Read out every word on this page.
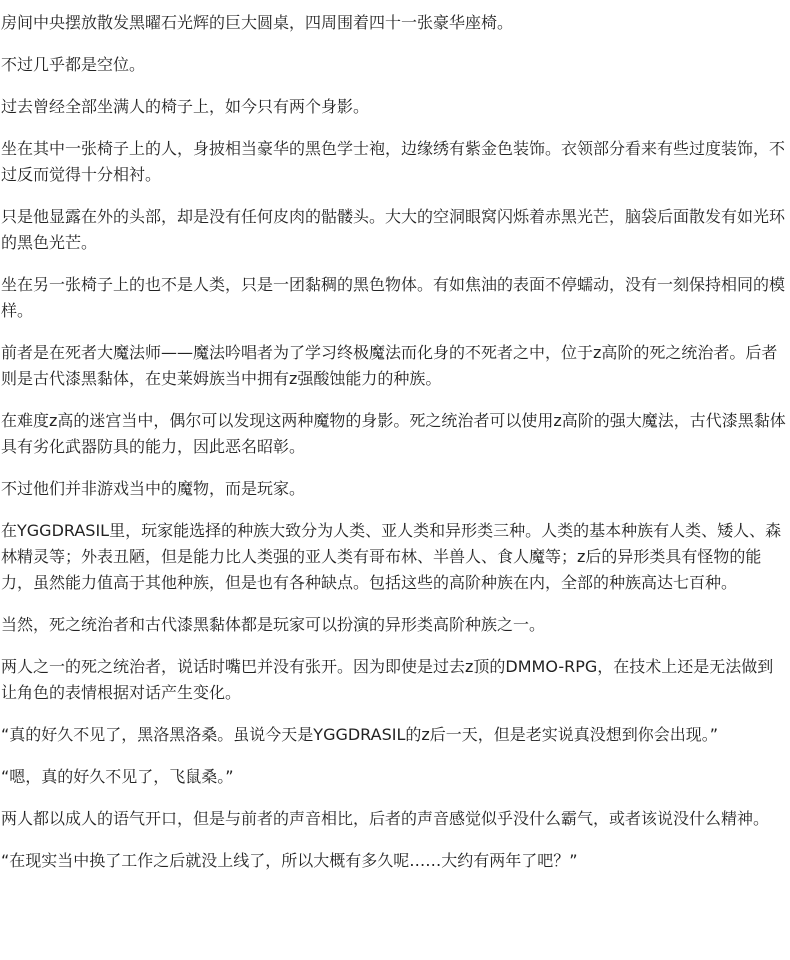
房间中央摆放散发黑曜石光辉的巨大圆桌，四周围着四十一张豪华座椅。

不过几乎都是空位。

过去曾经全部坐满人的椅子上，如今只有两个身影。

坐在其中一张椅子上的人，身披相当豪华的黑色学士袍，边缘绣有紫金色装饰。衣领部分看来有些过度装饰，不过反而觉得十分相衬。

只是他显露在外的头部，却是没有任何皮肉的骷髅头。大大的空洞眼窝闪烁着赤黑光芒，脑袋后面散发有如光环的黑色光芒。

坐在另一张椅子上的也不是人类，只是一团黏稠的黑色物体。有如焦油的表面不停蠕动，没有一刻保持相同的模样。

前者是在死者大魔法师——魔法吟唱者为了学习终极魔法而化身的不死者之中，位于z高阶的死之统治者。后者则是古代漆黑黏体，在史莱姆族当中拥有z强酸蚀能力的种族。

在难度z高的迷宫当中，偶尔可以发现这两种魔物的身影。死之统治者可以使用z高阶的强大魔法，古代漆黑黏体具有劣化武器防具的能力，因此恶名昭彰。

不过他们并非游戏当中的魔物，而是玩家。

在YGGDRASIL里，玩家能选择的种族大致分为人类、亚人类和异形类三种。人类的基本种族有人类、矮人、森林精灵等；外表丑陋，但是能力比人类强的亚人类有哥布林、半兽人、食人魔等；z后的异形类具有怪物的能力，虽然能力值高于其他种族，但是也有各种缺点。包括这些的高阶种族在内，全部的种族高达七百种。

当然，死之统治者和古代漆黑黏体都是玩家可以扮演的异形类高阶种族之一。

两人之一的死之统治者，说话时嘴巴并没有张开。因为即使是过去z顶的DMMO-RPG，在技术上还是无法做到让角色的表情根据对话产生变化。

“真的好久不见了，黑洛黑洛桑。虽说今天是YGGDRASIL的z后一天，但是老实说真没想到你会出现。”

“嗯，真的好久不见了，飞鼠桑。”

两人都以成人的语气开口，但是与前者的声音相比，后者的声音感觉似乎没什么霸气，或者该说没什么精神。

“在现实当中换了工作之后就没上线了，所以大概有多久呢……大约有两年了吧？”
